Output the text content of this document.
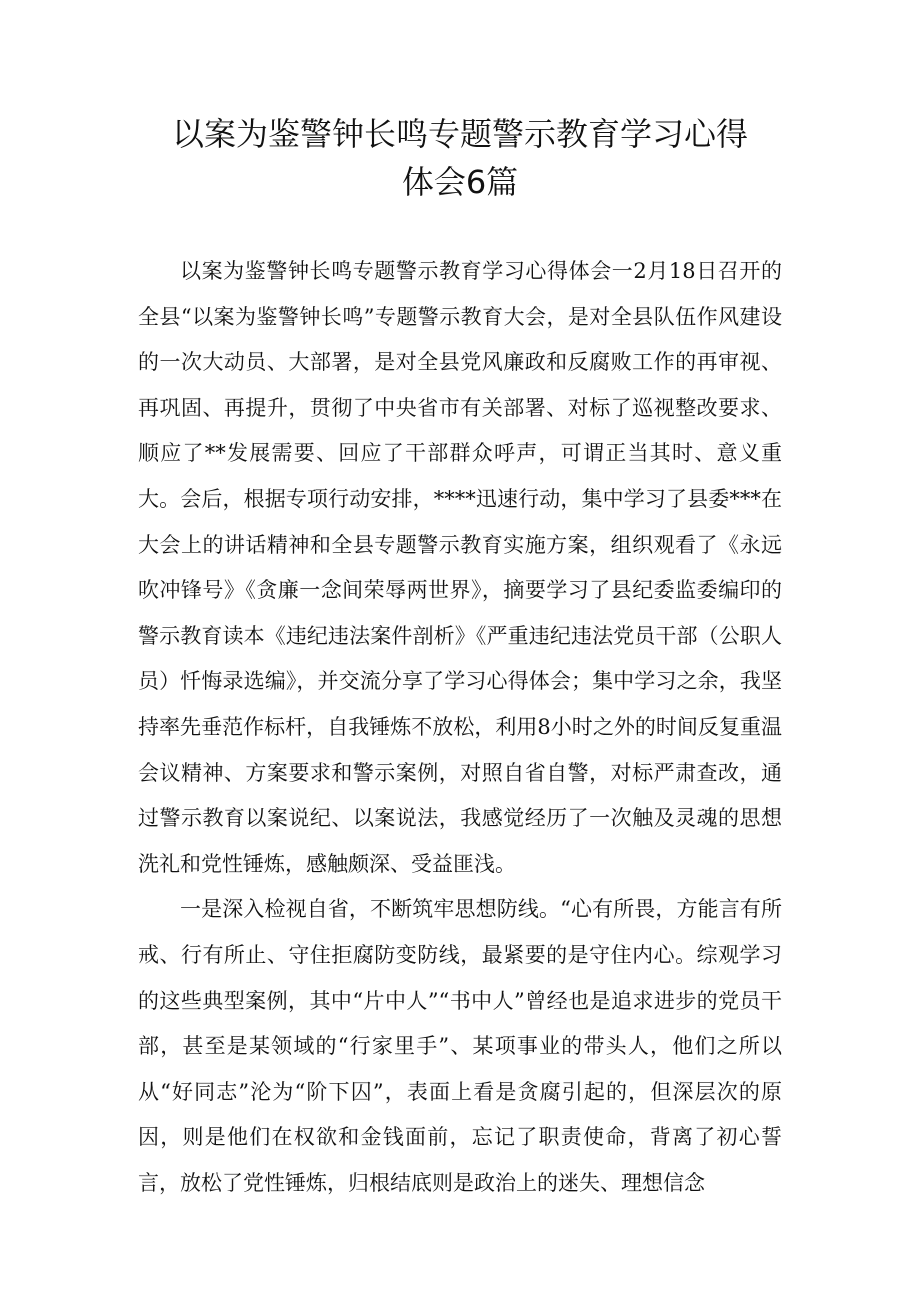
以案为鉴警钟长鸣专题警示教育学习心得
体会6篇

以案为鉴警钟长鸣专题警示教育学习心得体会一2月18日召开的全县“以案为鉴警钟长鸣”专题警示教育大会，是对全县队伍作风建设的一次大动员、大部署，是对全县党风廉政和反腐败工作的再审视、再巩固、再提升，贯彻了中央省市有关部署、对标了巡视整改要求、顺应了**发展需要、回应了干部群众呼声，可谓正当其时、意义重大。会后，根据专项行动安排，****迅速行动，集中学习了县委***在大会上的讲话精神和全县专题警示教育实施方案，组织观看了《永远吹冲锋号》《贪廉一念间荣辱两世界》，摘要学习了县纪委监委编印的警示教育读本《违纪违法案件剖析》《严重违纪违法党员干部（公职人员）忏悔录选编》，并交流分享了学习心得体会；集中学习之余，我坚持率先垂范作标杆，自我锤炼不放松，利用8小时之外的时间反复重温会议精神、方案要求和警示案例，对照自省自警，对标严肃查改，通过警示教育以案说纪、以案说法，我感觉经历了一次触及灵魂的思想洗礼和党性锤炼，感触颇深、受益匪浅。

一是深入检视自省，不断筑牢思想防线。“心有所畏，方能言有所戒、行有所止、守住拒腐防变防线，最紧要的是守住内心。综观学习的这些典型案例，其中“片中人”“书中人”曾经也是追求进步的党员干部，甚至是某领域的“行家里手”、某项事业的带头人，他们之所以从“好同志”沦为“阶下囚”，表面上看是贪腐引起的，但深层次的原因，则是他们在权欲和金钱面前，忘记了职责使命，背离了初心誓言，放松了党性锤炼，归根结底则是政治上的迷失、理想信念
